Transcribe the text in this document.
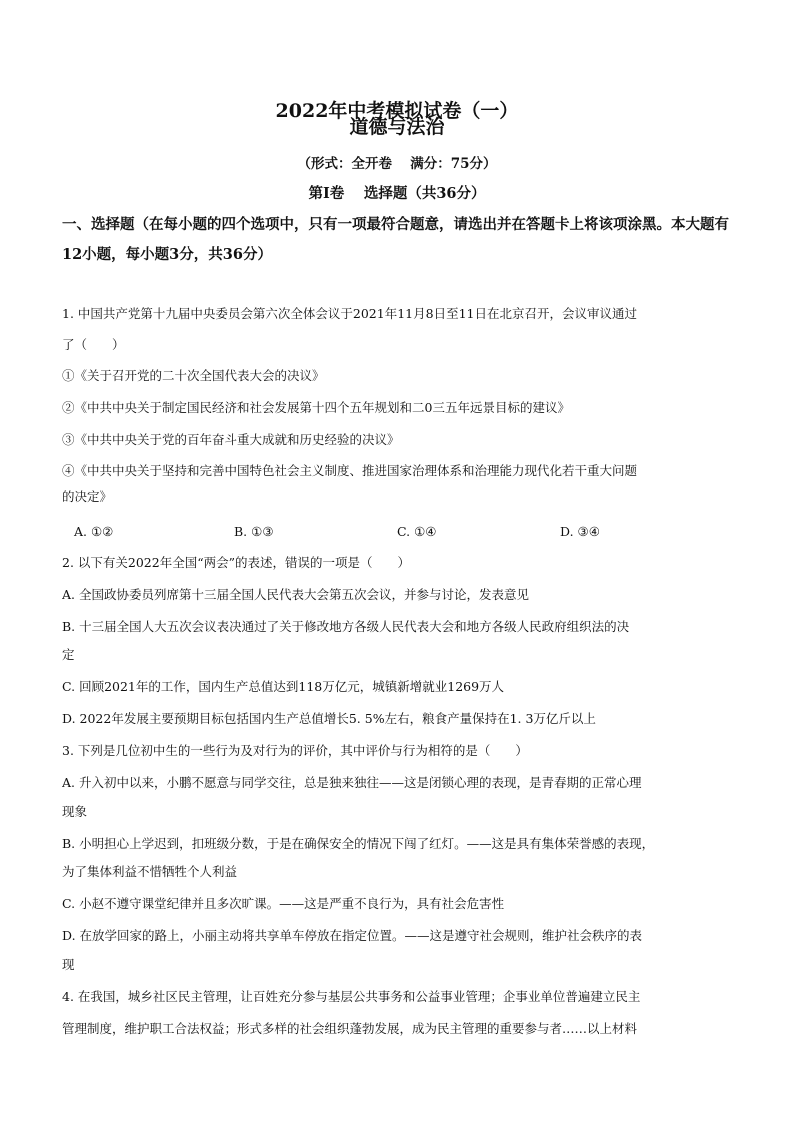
2022年中考模拟试卷（一）
道德与法治
（形式：全开卷　 满分：75分）
第Ⅰ卷　 选择题（共36分）
一、选择题（在每小题的四个选项中，只有一项最符合题意，请选出并在答题卡上将该项涂黑。本大题有12小题，每小题3分，共36分）
1. 中国共产党第十九届中央委员会第六次全体会议于2021年11月8日至11日在北京召开，会议审议通过
了（　　）
①《关于召开党的二十次全国代表大会的决议》
②《中共中央关于制定国民经济和社会发展第十四个五年规划和二0三五年远景目标的建议》
③《中共中央关于党的百年奋斗重大成就和历史经验的决议》
④《中共中央关于坚持和完善中国特色社会主义制度、推进国家治理体系和治理能力现代化若干重大问题
的决定》
A. ①②	B. ①③	C. ①④	D. ③④
2. 以下有关2022年全国“两会”的表述，错误的一项是（　　）
A. 全国政协委员列席第十三届全国人民代表大会第五次会议，并参与讨论，发表意见
B. 十三届全国人大五次会议表决通过了关于修改地方各级人民代表大会和地方各级人民政府组织法的决
定
C. 回顾2021年的工作，国内生产总值达到118万亿元，城镇新增就业1269万人
D. 2022年发展主要预期目标包括国内生产总值增长5. 5%左右，粮食产量保持在1. 3万亿斤以上
3. 下列是几位初中生的一些行为及对行为的评价，其中评价与行为相符的是（　　）
A. 升入初中以来，小鹏不愿意与同学交往，总是独来独往——这是闭锁心理的表现，是青春期的正常心理
现象
B. 小明担心上学迟到，扣班级分数，于是在确保安全的情况下闯了红灯。——这是具有集体荣誉感的表现，
为了集体利益不惜牺牲个人利益
C. 小赵不遵守课堂纪律并且多次旷课。——这是严重不良行为，具有社会危害性
D. 在放学回家的路上，小丽主动将共享单车停放在指定位置。——这是遵守社会规则，维护社会秩序的表
现
4. 在我国，城乡社区民主管理，让百姓充分参与基层公共事务和公益事业管理；企事业单位普遍建立民主
管理制度，维护职工合法权益；形式多样的社会组织蓬勃发展，成为民主管理的重要参与者……以上材料
